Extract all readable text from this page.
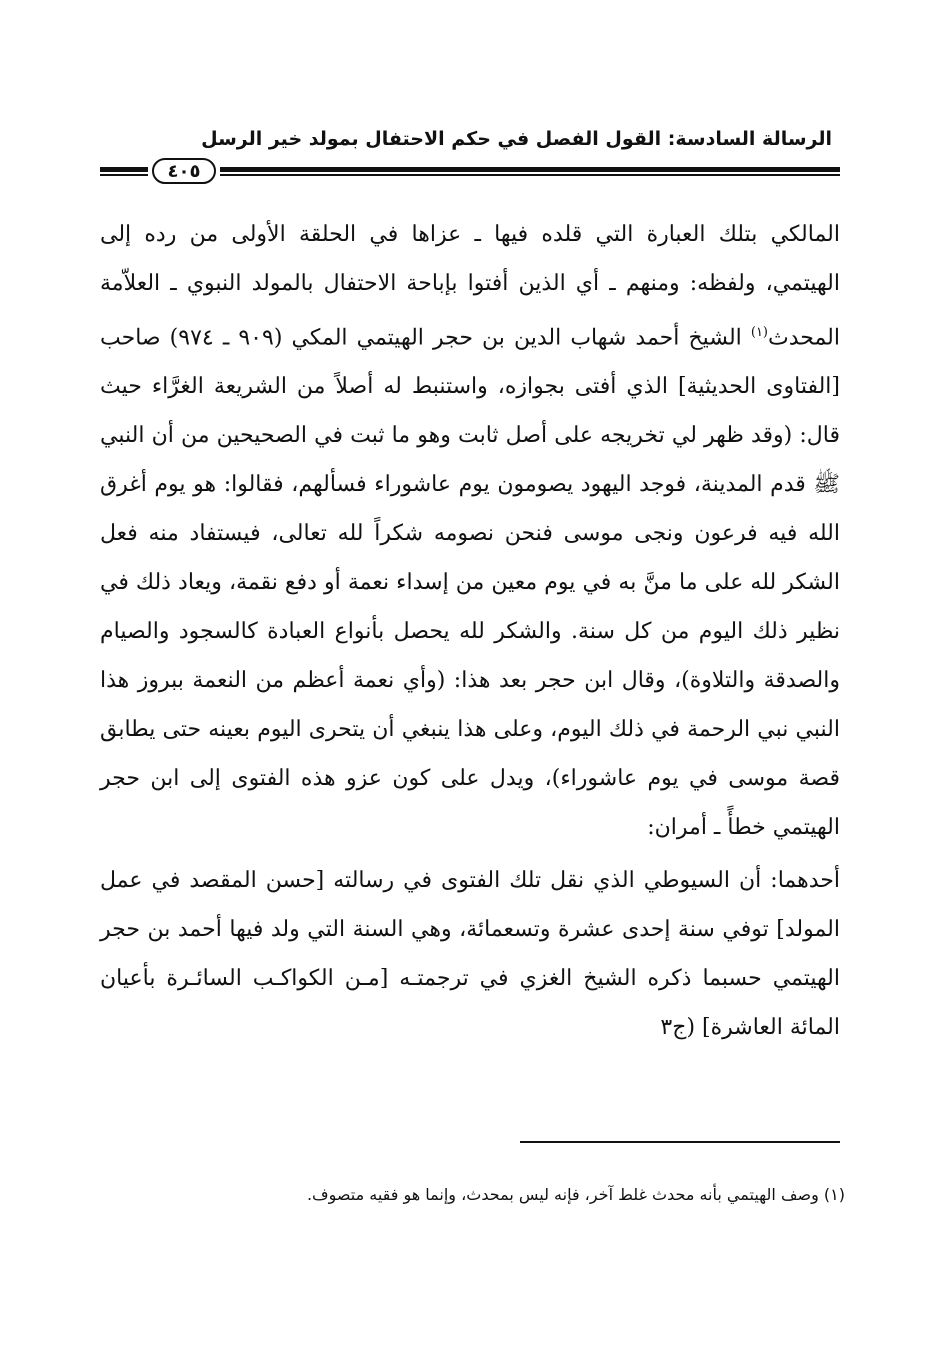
الرسالة السادسة: القول الفصل في حكم الاحتفال بمولد خير الرسل
٤٠٥

المالكي بتلك العبارة التي قلده فيها ـ عزاها في الحلقة الأولى من رده إلى الهيتمي، ولفظه: ومنهم ـ أي الذين أفتوا بإباحة الاحتفال بالمولد النبوي ـ العلاّمة المحدث$^{(١)}$ الشيخ أحمد شهاب الدين بن حجر الهيتمي المكي (٩٠٩ ـ ٩٧٤) صاحب [الفتاوى الحديثية] الذي أفتى بجوازه، واستنبط له أصلاً من الشريعة الغرَّاء حيث قال: (وقد ظهر لي تخريجه على أصل ثابت وهو ما ثبت في الصحيحين من أن النبي ﷺ قدم المدينة، فوجد اليهود يصومون يوم عاشوراء فسألهم، فقالوا: هو يوم أغرق الله فيه فرعون ونجى موسى فنحن نصومه شكراً لله تعالى، فيستفاد منه فعل الشكر لله على ما منَّ به في يوم معين من إسداء نعمة أو دفع نقمة، ويعاد ذلك في نظير ذلك اليوم من كل سنة. والشكر لله يحصل بأنواع العبادة كالسجود والصيام والصدقة والتلاوة)، وقال ابن حجر بعد هذا: (وأي نعمة أعظم من النعمة ببروز هذا النبي نبي الرحمة في ذلك اليوم، وعلى هذا ينبغي أن يتحرى اليوم بعينه حتى يطابق قصة موسى في يوم عاشوراء)، ويدل على كون عزو هذه الفتوى إلى ابن حجر الهيتمي خطأً ـ أمران:

أحدهما: أن السيوطي الذي نقل تلك الفتوى في رسالته [حسن المقصد في عمل المولد] توفي سنة إحدى عشرة وتسعمائة، وهي السنة التي ولد فيها أحمد بن حجر الهيتمي حسبما ذكره الشيخ الغزي في ترجمتـه [مـن الكواكـب السائـرة بأعيان المائة العاشرة] (ج٣

(١) وصف الهيتمي بأنه محدث غلط آخر، فإنه ليس بمحدث، وإنما هو فقيه متصوف.
